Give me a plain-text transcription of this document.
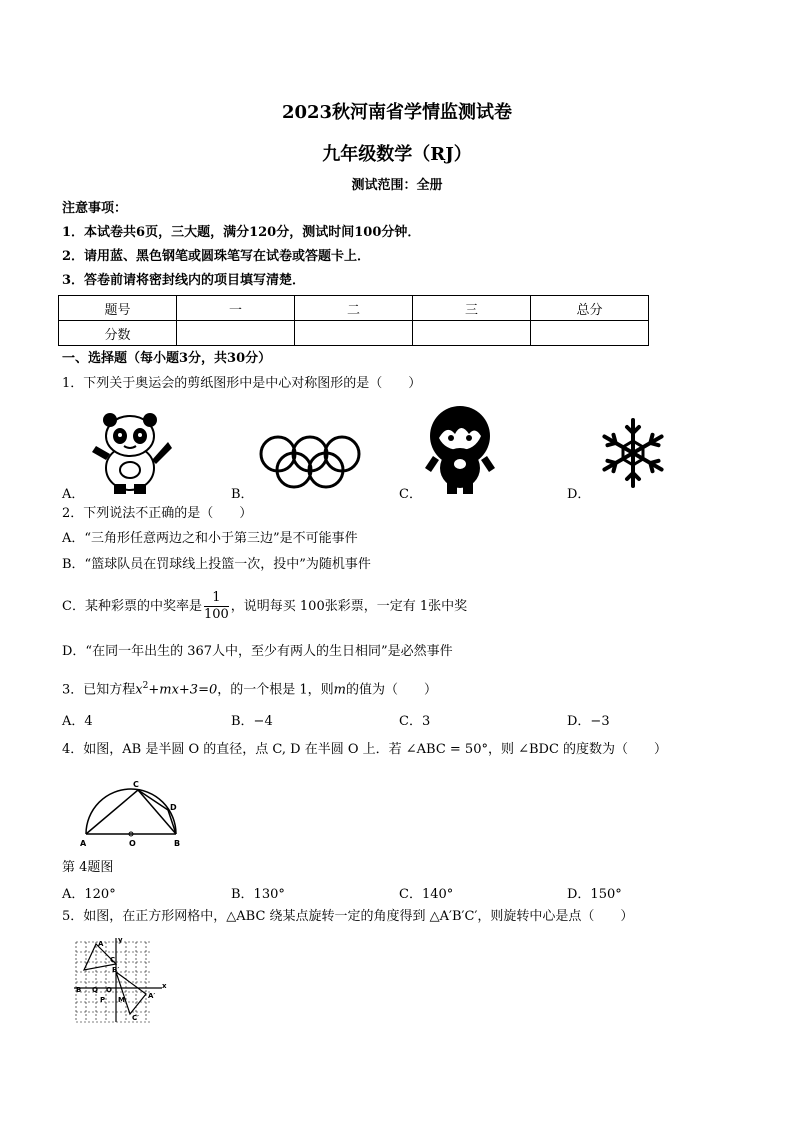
2023秋河南省学情监测试卷
九年级数学（RJ）
测试范围：全册
注意事项：
1．本试卷共6页，三大题，满分120分，测试时间100分钟．
2．请用蓝、黑色钢笔或圆珠笔写在试卷或答题卡上．
3．答卷前请将密封线内的项目填写清楚．
题号	一	二	三	总分
分数				
一、选择题（每小题3分，共30分）
1．下列关于奥运会的剪纸图形中是中心对称图形的是（　　）
A．	B．	C．	D．
2．下列说法不正确的是（　　）
A．“三角形任意两边之和小于第三边”是不可能事件
B．“篮球队员在罚球线上投篮一次，投中”为随机事件
C．某种彩票的中奖率是 $\frac{1}{100}$ ，说明每买 100张彩票，一定有 1张中奖
D．“在同一年出生的 367人中，至少有两人的生日相同”是必然事件
3．已知方程$x^2+mx+3=0$，的一个根是 1，则m的值为（　　）
A．4	B．−4	C．3	D．−3
4．如图，AB 是半圆 O 的直径，点 C, D 在半圆 O 上．若 ∠ABC = 50°，则 ∠BDC 的度数为（　　）
A	O	B
C
D
第 4题图
A．120°	B．130°	C．140°	D．150°
5．如图，在正方形网格中，△ABC 绕某点旋转一定的角度得到 △A′B′C′，则旋转中心是点（　　）
y
x
A
B
C
A′
B′
C′
O
Q
P M
